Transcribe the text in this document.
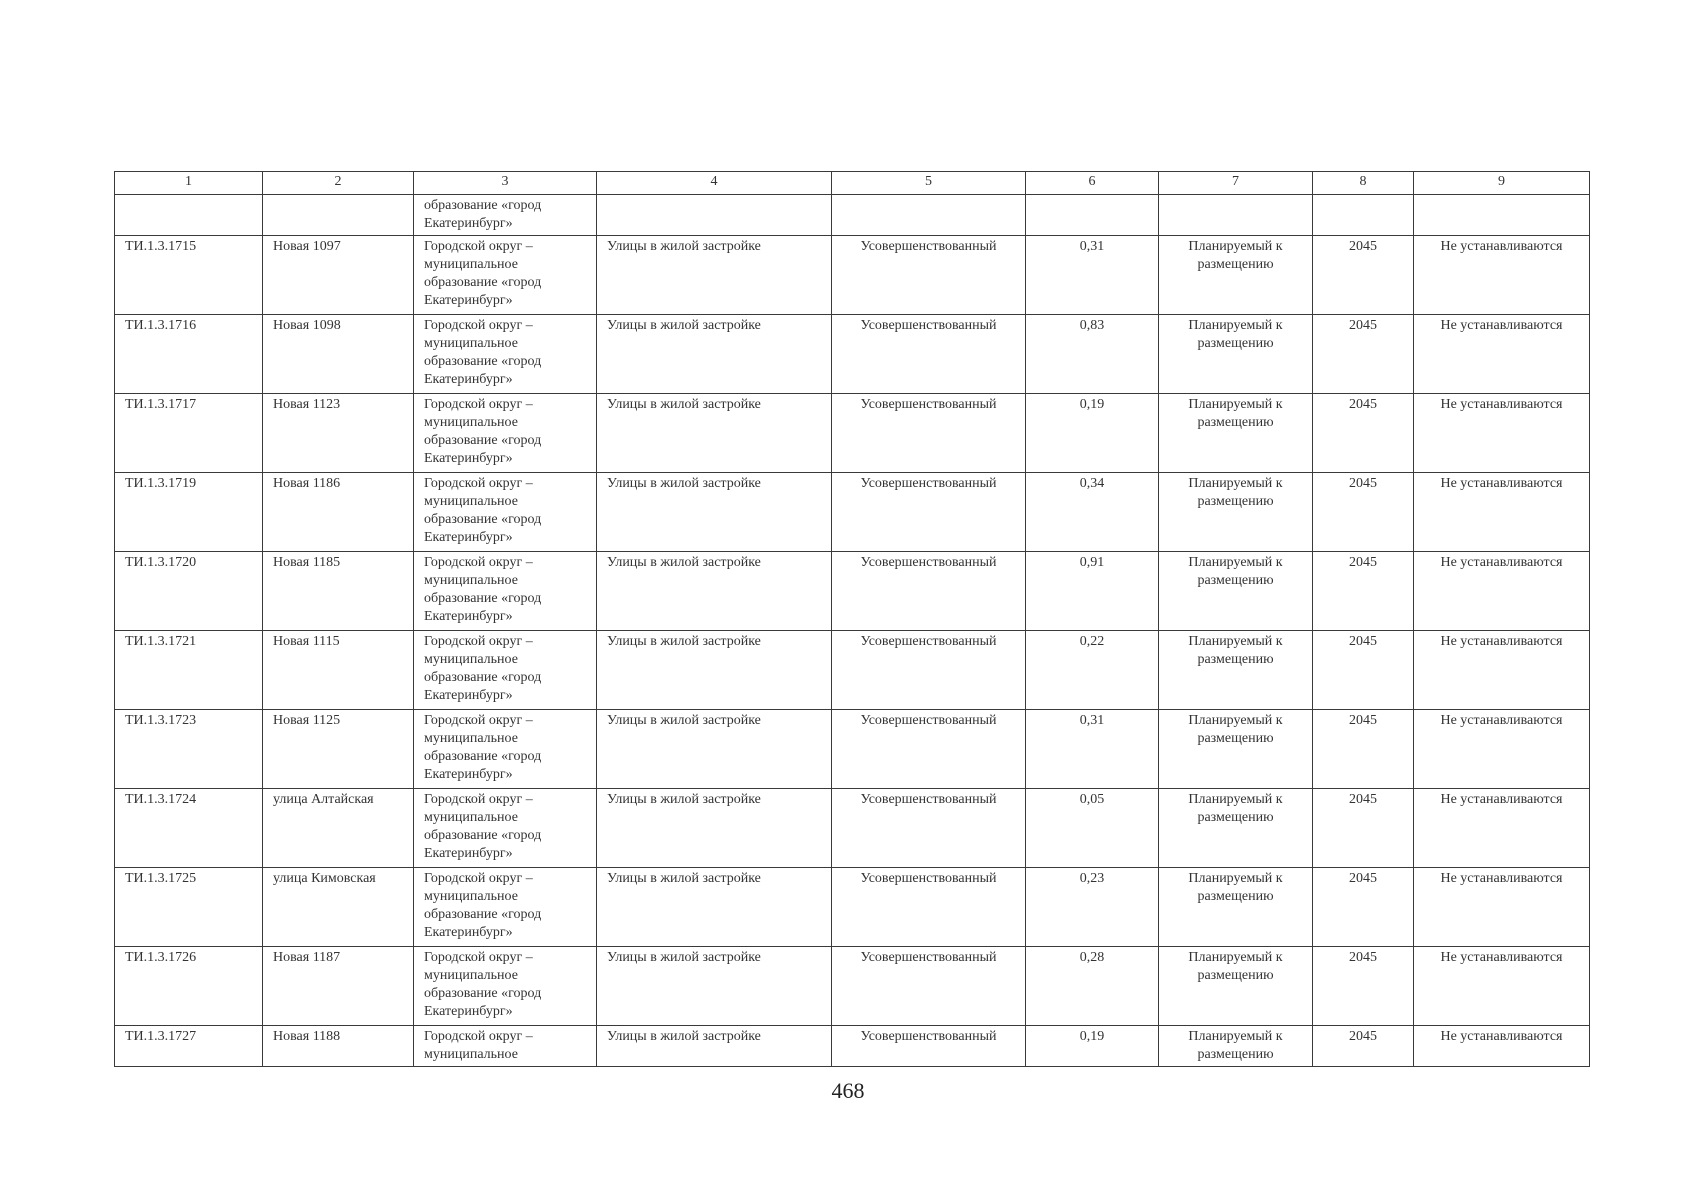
1	2	3	4	5	6	7	8	9
		образование «город Екатеринбург»						
ТИ.1.3.1715	Новая 1097	Городской округ – муниципальное образование «город Екатеринбург»	Улицы в жилой застройке	Усовершенствованный	0,31	Планируемый к размещению	2045	Не устанавливаются
ТИ.1.3.1716	Новая 1098	Городской округ – муниципальное образование «город Екатеринбург»	Улицы в жилой застройке	Усовершенствованный	0,83	Планируемый к размещению	2045	Не устанавливаются
ТИ.1.3.1717	Новая 1123	Городской округ – муниципальное образование «город Екатеринбург»	Улицы в жилой застройке	Усовершенствованный	0,19	Планируемый к размещению	2045	Не устанавливаются
ТИ.1.3.1719	Новая 1186	Городской округ – муниципальное образование «город Екатеринбург»	Улицы в жилой застройке	Усовершенствованный	0,34	Планируемый к размещению	2045	Не устанавливаются
ТИ.1.3.1720	Новая 1185	Городской округ – муниципальное образование «город Екатеринбург»	Улицы в жилой застройке	Усовершенствованный	0,91	Планируемый к размещению	2045	Не устанавливаются
ТИ.1.3.1721	Новая 1115	Городской округ – муниципальное образование «город Екатеринбург»	Улицы в жилой застройке	Усовершенствованный	0,22	Планируемый к размещению	2045	Не устанавливаются
ТИ.1.3.1723	Новая 1125	Городской округ – муниципальное образование «город Екатеринбург»	Улицы в жилой застройке	Усовершенствованный	0,31	Планируемый к размещению	2045	Не устанавливаются
ТИ.1.3.1724	улица Алтайская	Городской округ – муниципальное образование «город Екатеринбург»	Улицы в жилой застройке	Усовершенствованный	0,05	Планируемый к размещению	2045	Не устанавливаются
ТИ.1.3.1725	улица Кимовская	Городской округ – муниципальное образование «город Екатеринбург»	Улицы в жилой застройке	Усовершенствованный	0,23	Планируемый к размещению	2045	Не устанавливаются
ТИ.1.3.1726	Новая 1187	Городской округ – муниципальное образование «город Екатеринбург»	Улицы в жилой застройке	Усовершенствованный	0,28	Планируемый к размещению	2045	Не устанавливаются
ТИ.1.3.1727	Новая 1188	Городской округ – муниципальное	Улицы в жилой застройке	Усовершенствованный	0,19	Планируемый к размещению	2045	Не устанавливаются
468
